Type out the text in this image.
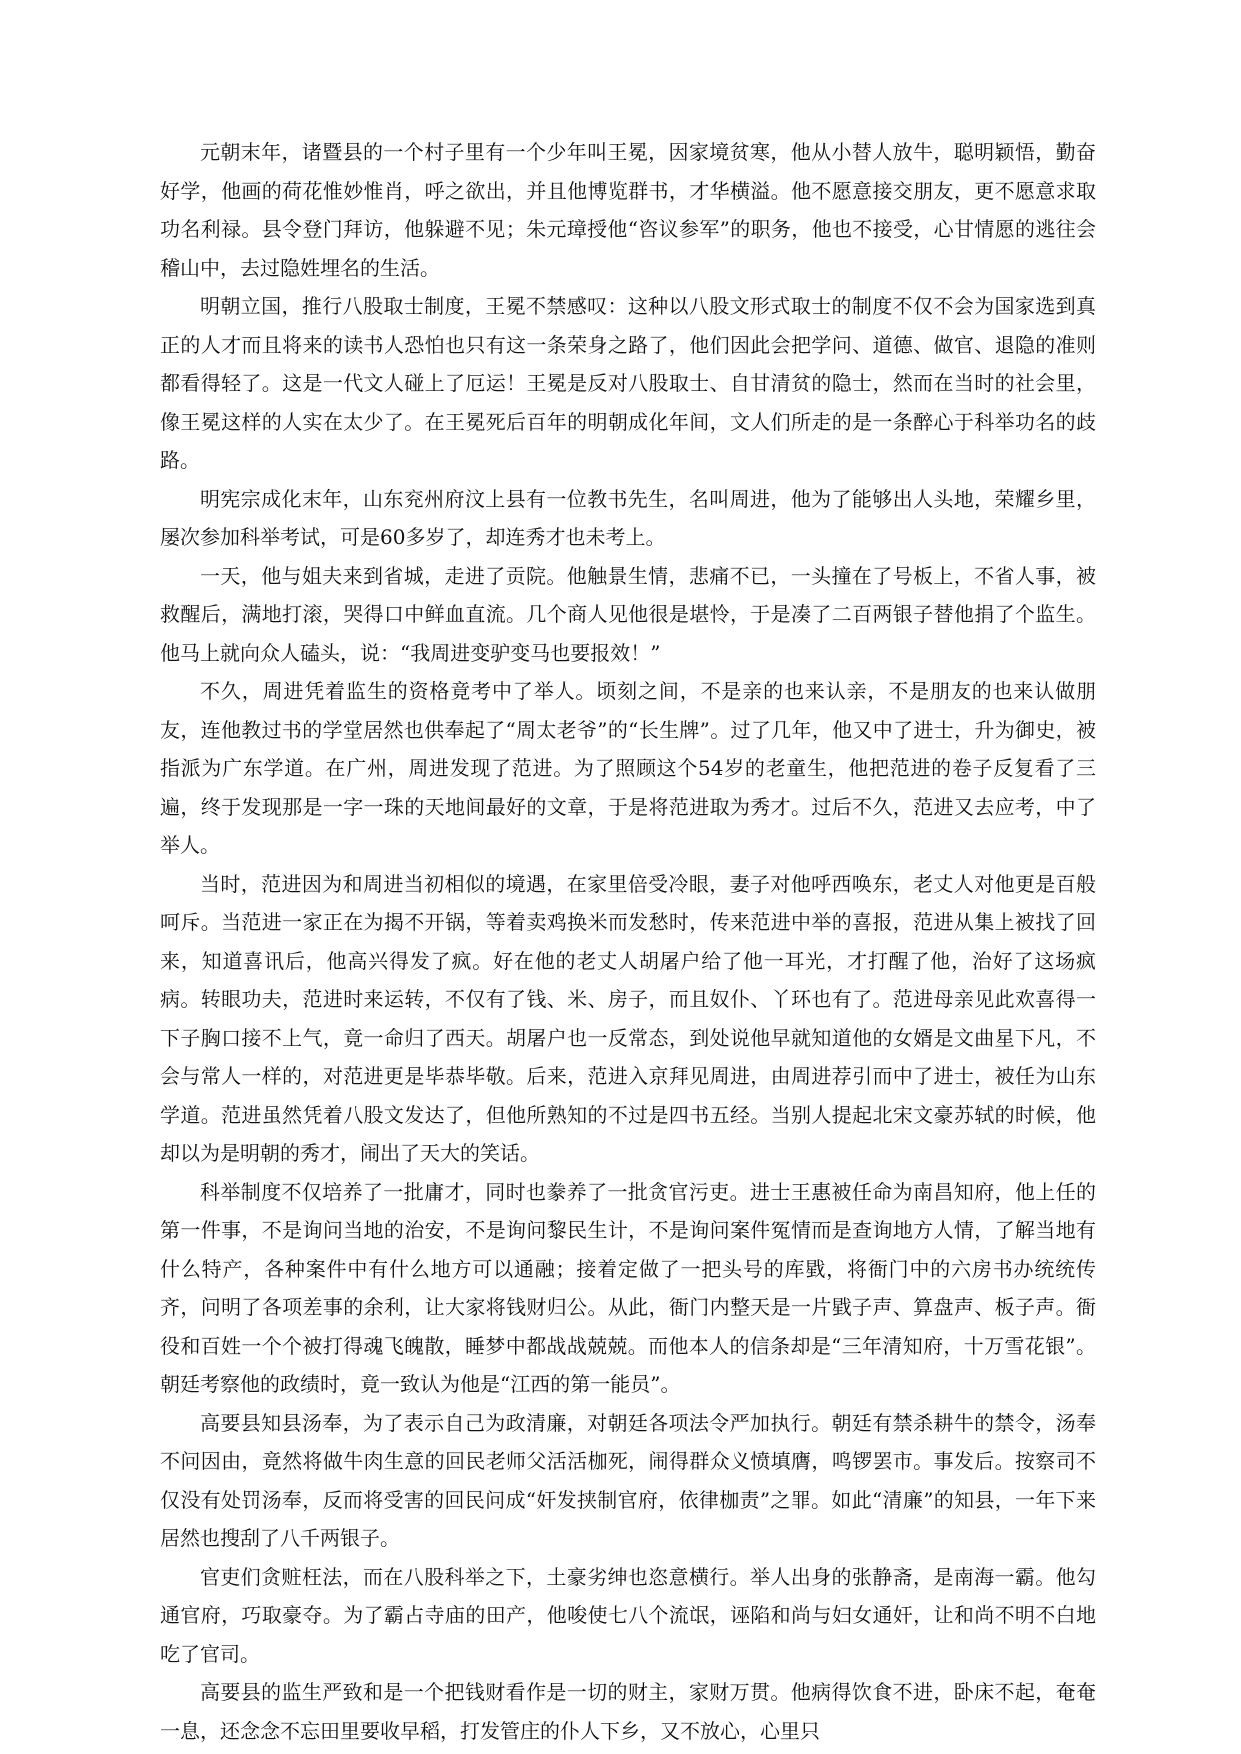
元朝末年，诸暨县的一个村子里有一个少年叫王冕，因家境贫寒，他从小替人放牛，聪明颖悟，勤奋好学，他画的荷花惟妙惟肖，呼之欲出，并且他博览群书，才华横溢。他不愿意接交朋友，更不愿意求取功名利禄。县令登门拜访，他躲避不见；朱元璋授他“咨议参军”的职务，他也不接受，心甘情愿的逃往会稽山中，去过隐姓埋名的生活。

明朝立国，推行八股取士制度，王冕不禁感叹：这种以八股文形式取士的制度不仅不会为国家选到真正的人才而且将来的读书人恐怕也只有这一条荣身之路了，他们因此会把学问、道德、做官、退隐的准则都看得轻了。这是一代文人碰上了厄运！王冕是反对八股取士、自甘清贫的隐士，然而在当时的社会里，像王冕这样的人实在太少了。在王冕死后百年的明朝成化年间，文人们所走的是一条醉心于科举功名的歧路。

明宪宗成化末年，山东兖州府汶上县有一位教书先生，名叫周进，他为了能够出人头地，荣耀乡里，屡次参加科举考试，可是60多岁了，却连秀才也未考上。

一天，他与姐夫来到省城，走进了贡院。他触景生情，悲痛不已，一头撞在了号板上，不省人事，被救醒后，满地打滚，哭得口中鲜血直流。几个商人见他很是堪怜，于是凑了二百两银子替他捐了个监生。他马上就向众人磕头，说：“我周进变驴变马也要报效！”

不久，周进凭着监生的资格竟考中了举人。顷刻之间，不是亲的也来认亲，不是朋友的也来认做朋友，连他教过书的学堂居然也供奉起了“周太老爷”的“长生牌”。过了几年，他又中了进士，升为御史，被指派为广东学道。在广州，周进发现了范进。为了照顾这个54岁的老童生，他把范进的卷子反复看了三遍，终于发现那是一字一珠的天地间最好的文章，于是将范进取为秀才。过后不久，范进又去应考，中了举人。

当时，范进因为和周进当初相似的境遇，在家里倍受冷眼，妻子对他呼西唤东，老丈人对他更是百般呵斥。当范进一家正在为揭不开锅，等着卖鸡换米而发愁时，传来范进中举的喜报，范进从集上被找了回来，知道喜讯后，他高兴得发了疯。好在他的老丈人胡屠户给了他一耳光，才打醒了他，治好了这场疯病。转眼功夫，范进时来运转，不仅有了钱、米、房子，而且奴仆、丫环也有了。范进母亲见此欢喜得一下子胸口接不上气，竟一命归了西天。胡屠户也一反常态，到处说他早就知道他的女婿是文曲星下凡，不会与常人一样的，对范进更是毕恭毕敬。后来，范进入京拜见周进，由周进荐引而中了进士，被任为山东学道。范进虽然凭着八股文发达了，但他所熟知的不过是四书五经。当别人提起北宋文豪苏轼的时候，他却以为是明朝的秀才，闹出了天大的笑话。

科举制度不仅培养了一批庸才，同时也豢养了一批贪官污吏。进士王惠被任命为南昌知府，他上任的第一件事，不是询问当地的治安，不是询问黎民生计，不是询问案件冤情而是查询地方人情，了解当地有什么特产，各种案件中有什么地方可以通融；接着定做了一把头号的库戥，将衙门中的六房书办统统传齐，问明了各项差事的余利，让大家将钱财归公。从此，衙门内整天是一片戥子声、算盘声、板子声。衙役和百姓一个个被打得魂飞魄散，睡梦中都战战兢兢。而他本人的信条却是“三年清知府，十万雪花银”。朝廷考察他的政绩时，竟一致认为他是“江西的第一能员”。

高要县知县汤奉，为了表示自己为政清廉，对朝廷各项法令严加执行。朝廷有禁杀耕牛的禁令，汤奉不问因由，竟然将做牛肉生意的回民老师父活活枷死，闹得群众义愤填膺，鸣锣罢市。事发后。按察司不仅没有处罚汤奉，反而将受害的回民问成“奸发挟制官府，依律枷责”之罪。如此“清廉”的知县，一年下来居然也搜刮了八千两银子。

官吏们贪赃枉法，而在八股科举之下，土豪劣绅也恣意横行。举人出身的张静斋，是南海一霸。他勾通官府，巧取豪夺。为了霸占寺庙的田产，他唆使七八个流氓，诬陷和尚与妇女通奸，让和尚不明不白地吃了官司。

高要县的监生严致和是一个把钱财看作是一切的财主，家财万贯。他病得饮食不进，卧床不起，奄奄一息，还念念不忘田里要收早稻，打发管庄的仆人下乡，又不放心，心里只
